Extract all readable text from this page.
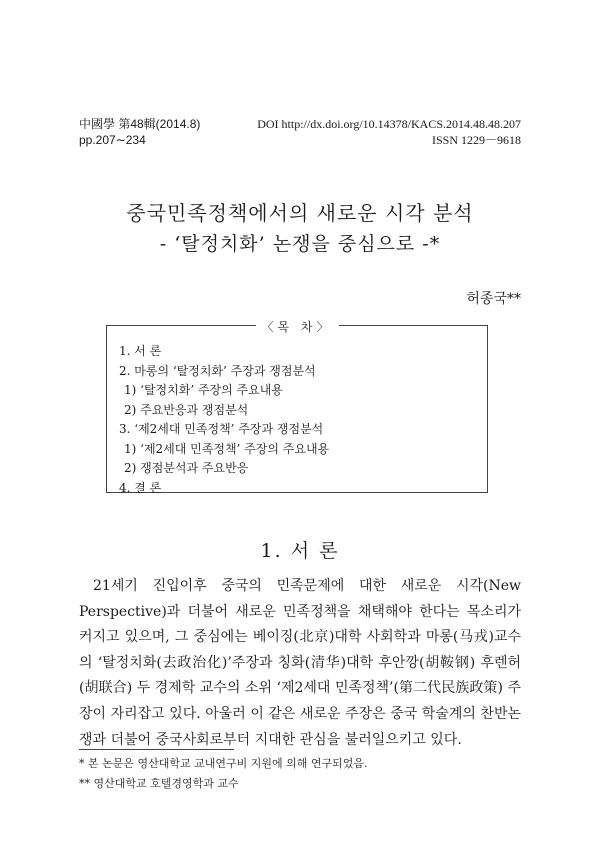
中國學 第48輯(2014.8)
pp.207∼234
DOI http://dx.doi.org/10.14378/KACS.2014.48.48.207
ISSN 1229－9618
중국민족정책에서의 새로운 시각 분석
- ‘탈정치화’ 논쟁을 중심으로 -*
허종국**
〈목 차〉
1. 서 론
2. 마롱의 ‘탈정치화’ 주장과 쟁점분석
1) ‘탈정치화’ 주장의 주요내용
2) 주요반응과 쟁점분석
3. ‘제2세대 민족정책’ 주장과 쟁점분석
1) ‘제2세대 민족정책’ 주장의 주요내용
2) 쟁점분석과 주요반응
4. 결 론
1. 서 론

21세기 진입이후 중국의 민족문제에 대한 새로운 시각(New Perspective)과 더불어 새로운 민족정책을 채택해야 한다는 목소리가 커지고 있으며, 그 중심에는 베이징(北京)대학 사회학과 마롱(马戎)교수의 ‘탈정치화(去政治化)’주장과 칭화(清华)대학 후안깡(胡鞍钢) 후렌허(胡联合) 두 경제학 교수의 소위 ‘제2세대 민족정책’(第二代民族政策) 주장이 자리잡고 있다. 아울러 이 같은 새로운 주장은 중국 학술계의 찬반논쟁과 더불어 중국사회로부터 지대한 관심을 불러일으키고 있다.

* 본 논문은 영산대학교 교내연구비 지원에 의해 연구되었음.
** 영산대학교 호텔경영학과 교수
